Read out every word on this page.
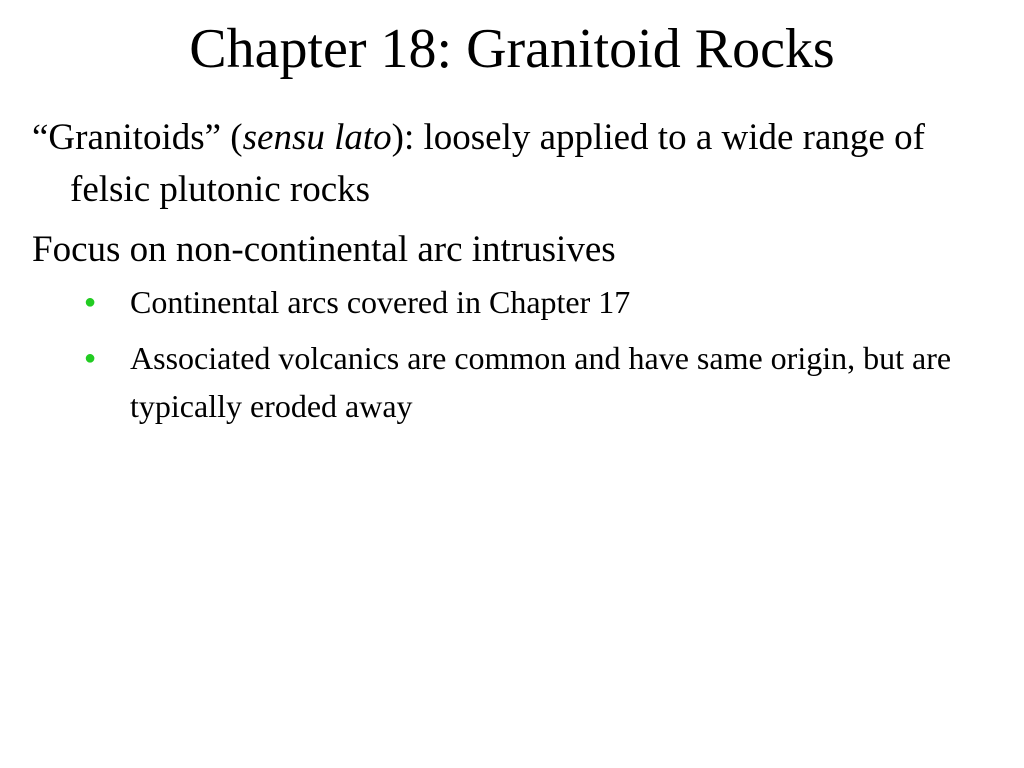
Chapter 18: Granitoid Rocks

“Granitoids” (sensu lato): loosely applied to a wide range of felsic plutonic rocks

Focus on non-continental arc intrusives

●
Continental arcs covered in Chapter 17
●
Associated volcanics are common and have same origin, but are typically eroded away
